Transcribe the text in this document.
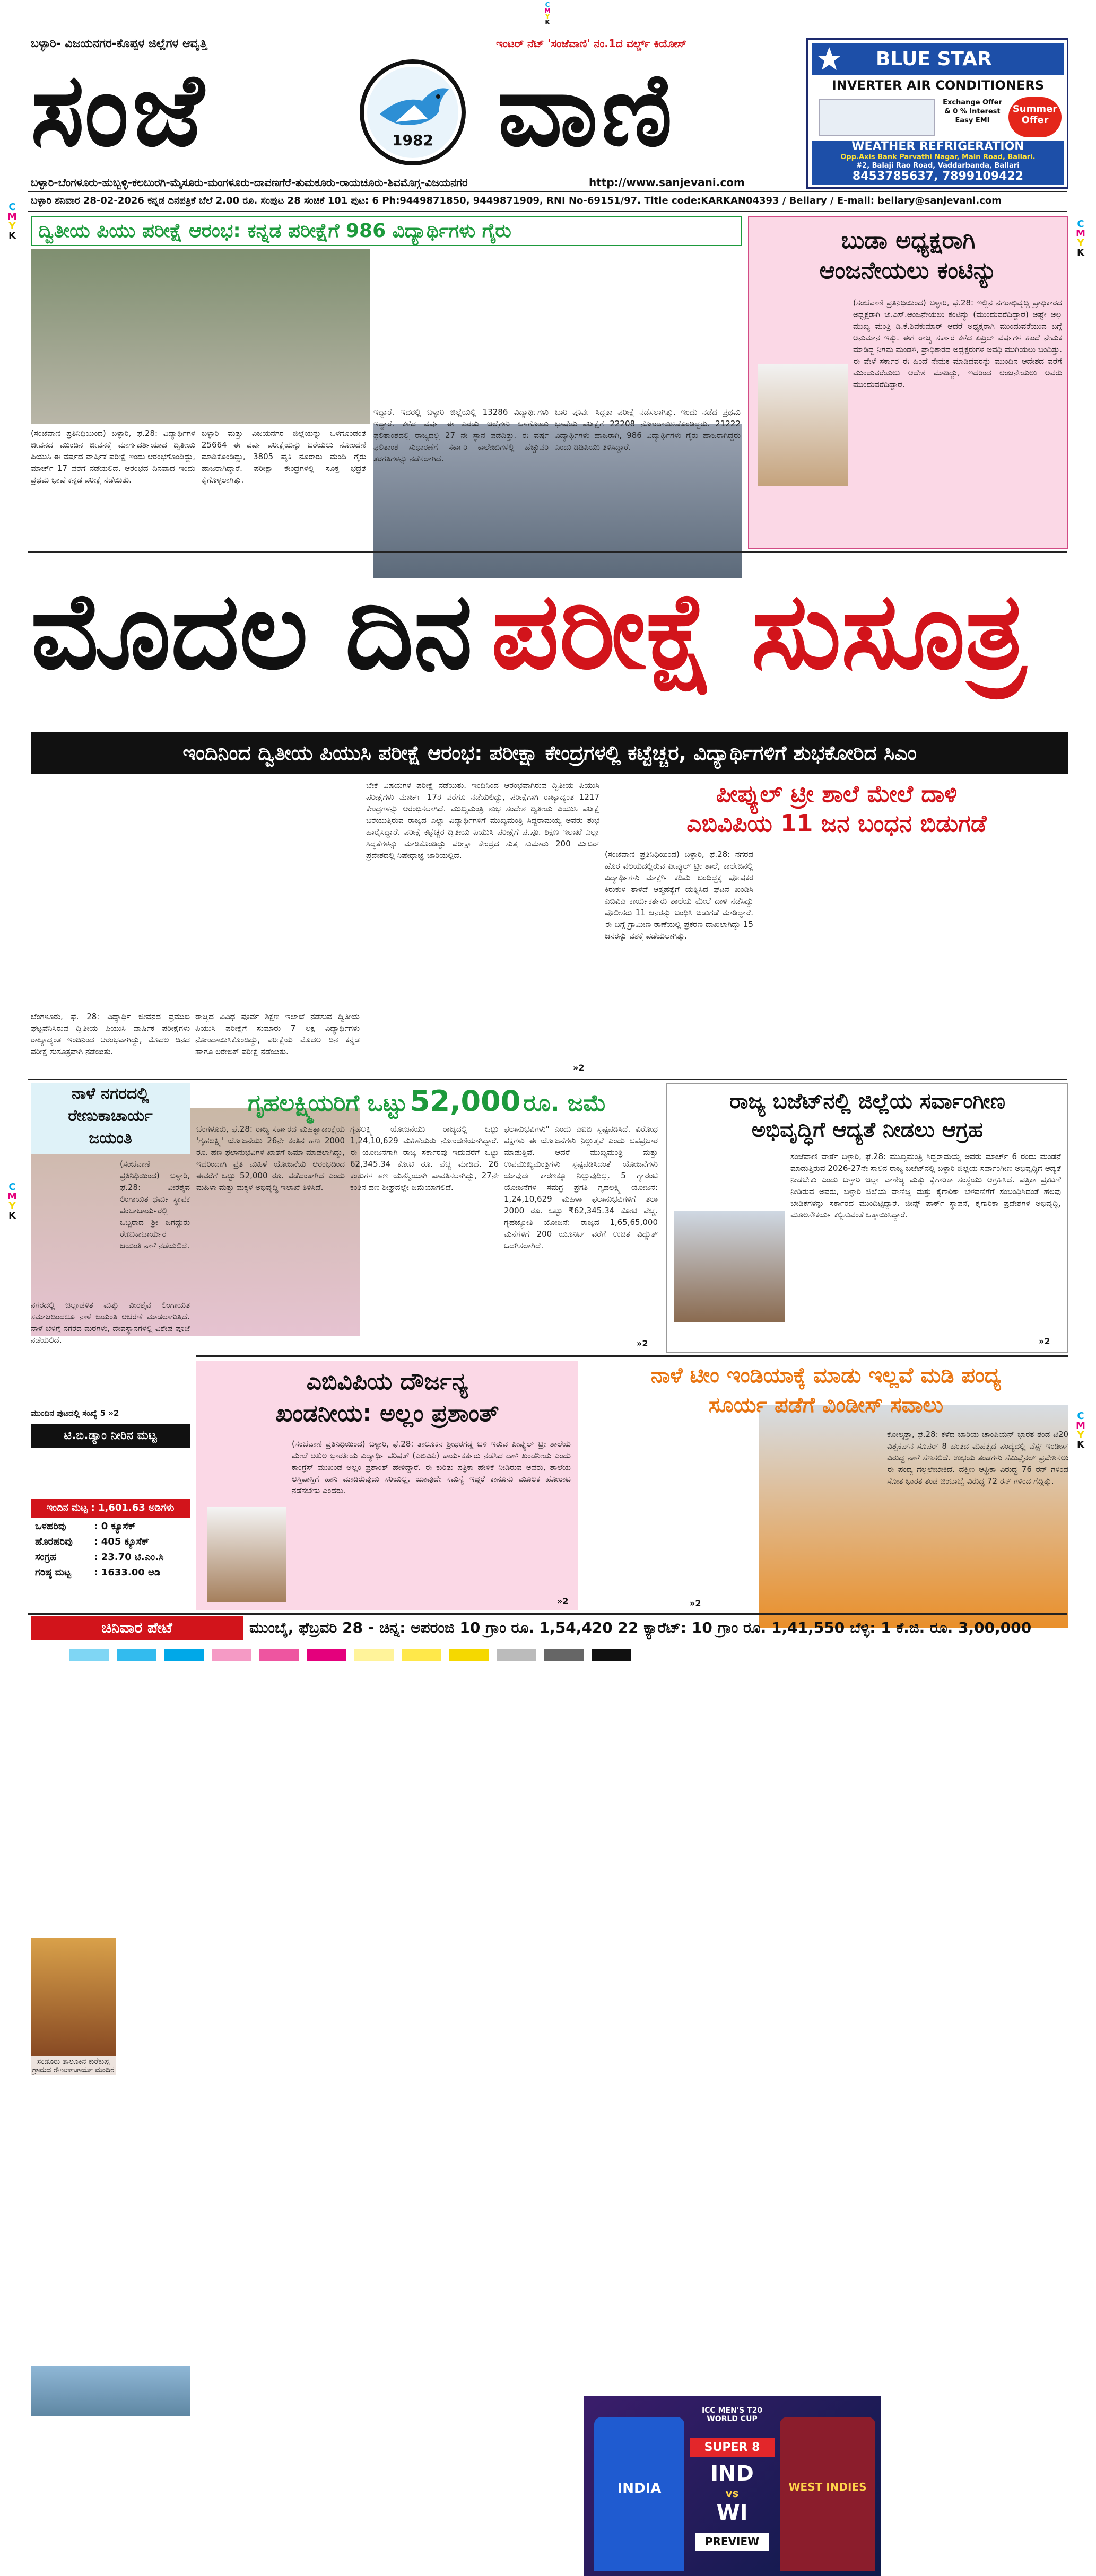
C
M
Y
K
C
M
Y
K
C
M
Y
K
C
M
Y
K
C
M
Y
K
ಬಳ್ಳಾರಿ- ವಿಜಯನಗರ-ಕೊಪ್ಪಳ ಜಿಲ್ಲೆಗಳ ಆವೃತ್ತಿ	ಇಂಟರ್ ನೆಟ್ 'ಸಂಜೆವಾಣಿ' ನಂ.1ದ ವರ್ಲ್ಡ್ ಕಿಯೋಸ್
ಸಂಜೆ	1982 ವಾಣಿ
ಬಳ್ಳಾರಿ-ಬೆಂಗಳೂರು-ಹುಬ್ಬಳ್ಳಿ-ಕಲಬುರಗಿ-ಮೈಸೂರು-ಮಂಗಳೂರು-ದಾವಣಗೆರೆ-ತುಮಕೂರು-ರಾಯಚೂರು-ಶಿವಮೊಗ್ಗ-ವಿಜಯನಗರ	http://www.sanjevani.com
ಬಳ್ಳಾರಿ ಶನಿವಾರ 28-02-2026 ಕನ್ನಡ ದಿನಪತ್ರಿಕೆ ಬೆಲೆ 2.00 ರೂ. ಸಂಪುಟ 28 ಸಂಚಿಕೆ 101 ಪುಟ: 6 Ph:9449871850, 9449871909, RNI No-69151/97. Title code:KARKAN04393 / Bellary / E-mail: bellary@sanjevani.com
BLUE STAR
INVERTER AIR CONDITIONERS
Exchange Offer & 0 % Interest Easy EMI
Summer Offer
WEATHER REFRIGERATION
Opp.Axis Bank Parvathi Nagar, Main Road, Ballari.
#2, Balaji Rao Road, Vaddarbanda, Ballari
8453785637, 7899109422
ದ್ವಿತೀಯ ಪಿಯು ಪರೀಕ್ಷೆ ಆರಂಭ: ಕನ್ನಡ ಪರೀಕ್ಷೆಗೆ 986 ವಿದ್ಯಾರ್ಥಿಗಳು ಗೈರು
(ಸಂಜೆವಾಣಿ ಪ್ರತಿನಿಧಿಯಿಂದ) ಬಳ್ಳಾರಿ, ಫೆ.28: ವಿದ್ಯಾರ್ಥಿಗಳ ಜೀವನದ ಮುಂದಿನ ಜೀವನಕ್ಕೆ ಮಾರ್ಗದರ್ಶಿಯಾದ ದ್ವಿತೀಯ ಪಿಯುಸಿ ಈ ವರ್ಷದ ವಾರ್ಷಿಕ ಪರೀಕ್ಷೆ ಇಂದು ಆರಂಭಗೊಂಡಿದ್ದು, ಮಾರ್ಚ್ 17 ವರೆಗೆ ನಡೆಯಲಿದೆ. ಆರಂಭದ ದಿನವಾದ ಇಂದು ಪ್ರಥಮ ಭಾಷೆ ಕನ್ನಡ ಪರೀಕ್ಷೆ ನಡೆಯಿತು.
ಬಳ್ಳಾರಿ ಮತ್ತು ವಿಜಯನಗರ ಜಿಲ್ಲೆಯನ್ನು ಒಳಗೊಂಡಂತೆ 25664 ಈ ವರ್ಷ ಪರೀಕ್ಷೆಯನ್ನು ಬರೆಯಲು ನೋಂದಣಿ ಮಾಡಿಕೊಂಡಿದ್ದು, 3805 ಪೈಕಿ ನೂರಾರು ಮಂದಿ ಗೈರು ಹಾಜರಾಗಿದ್ದಾರೆ. ಪರೀಕ್ಷಾ ಕೇಂದ್ರಗಳಲ್ಲಿ ಸೂಕ್ತ ಭದ್ರತೆ ಕೈಗೊಳ್ಳಲಾಗಿತ್ತು.
ಇದ್ದಾರೆ. ಇದರಲ್ಲಿ ಬಳ್ಳಾರಿ ಜಿಲ್ಲೆಯಲ್ಲಿ 13286 ವಿದ್ಯಾರ್ಥಿಗಳು ಇದ್ದಾರೆ. ಕಳೆದ ವರ್ಷ ಈ ಎರಡು ಜಿಲ್ಲೆಗಳು ಒಳಗೊಂಡು ಫಲಿತಾಂಶದಲ್ಲಿ ರಾಜ್ಯದಲ್ಲಿ 27 ನೇ ಸ್ಥಾನ ಪಡೆದಿತ್ತು. ಈ ವರ್ಷ ಫಲಿತಾಂಶ ಸುಧಾರಣೆಗೆ ಸರ್ಕಾರಿ ಕಾಲೇಜುಗಳಲ್ಲಿ ಹೆಚ್ಚುವರಿ ತರಗತಿಗಳನ್ನು ನಡೆಸಲಾಗಿದೆ.
ಬಾರಿ ಪೂರ್ವ ಸಿದ್ಧತಾ ಪರೀಕ್ಷೆ ನಡೆಸಲಾಗಿತ್ತು. ಇಂದು ನಡೆದ ಪ್ರಥಮ ಭಾಷೆಯ ಪರೀಕ್ಷೆಗೆ 22208 ನೋಂದಾಯಿಸಿಕೊಂಡಿದ್ದರು. 21222 ವಿದ್ಯಾರ್ಥಿಗಳು ಹಾಜರಾಗಿ, 986 ವಿದ್ಯಾರ್ಥಿಗಳು ಗೈರು ಹಾಜರಾಗಿದ್ದರು ಎಂದು ಡಿಡಿಪಿಯು ತಿಳಿಸಿದ್ದಾರೆ.
ಬುಡಾ ಅಧ್ಯಕ್ಷರಾಗಿ
ಆಂಜನೇಯಲು ಕಂಟಿನ್ಯು
(ಸಂಜೆವಾಣಿ ಪ್ರತಿನಿಧಿಯಿಂದ) ಬಳ್ಳಾರಿ, ಫೆ.28: ಇಲ್ಲಿನ ನಗರಾಭಿವೃದ್ಧಿ ಪ್ರಾಧಿಕಾರದ ಅಧ್ಯಕ್ಷರಾಗಿ ಜೆ.ಎಸ್.ಆಂಜನೇಯಲು ಕಂಟಿನ್ಯು (ಮುಂದುವರೆದಿದ್ದಾರೆ) ಅಷ್ಟೇ ಅಲ್ಲ ಮುಖ್ಯ ಮಂತ್ರಿ ಡಿ.ಕೆ.ಶಿವಕುಮಾರ್ ಆದರೆ ಅಧ್ಯಕ್ಷರಾಗಿ ಮುಂದುವರೆಯುವ ಬಗ್ಗೆ ಅನುಮಾನ ಇತ್ತು. ಈಗ ರಾಜ್ಯ ಸರ್ಕಾರ ಕಳೆದ ಏಪ್ರಿಲ್ ವರ್ಷಗಳ ಹಿಂದೆ ನೇಮಕ ಮಾಡಿದ್ದ ನಿಗಮ ಮಂಡಳಿ, ಪ್ರಾಧಿಕಾರದ ಅಧ್ಯಕ್ಷರುಗಳ ಅವಧಿ ಮುಗಿಯಲು ಬಂದಿತ್ತು. ಈ ವೇಳೆ ಸರ್ಕಾರ ಈ ಹಿಂದೆ ನೇಮಕ ಮಾಡಿದವರನ್ನು ಮುಂದಿನ ಆದೇಶದ ವರೆಗೆ ಮುಂದುವರೆಯಲು ಆದೇಶ ಮಾಡಿದ್ದು, ಇದರಿಂದ ಆಂಜನೇಯಲು ಅವರು ಮುಂದುವರೆದಿದ್ದಾರೆ.
ಮೊದಲ ದಿನ ಪರೀಕ್ಷೆ ಸುಸೂತ್ರ
ಇಂದಿನಿಂದ ದ್ವಿತೀಯ ಪಿಯುಸಿ ಪರೀಕ್ಷೆ ಆರಂಭ: ಪರೀಕ್ಷಾ ಕೇಂದ್ರಗಳಲ್ಲಿ ಕಟ್ಟೆಚ್ಚರ, ವಿದ್ಯಾರ್ಥಿಗಳಿಗೆ ಶುಭಕೋರಿದ ಸಿಎಂ
ಬೆಂಗಳೂರು, ಫೆ. 28: ವಿದ್ಯಾರ್ಥಿ ಜೀವನದ ಪ್ರಮುಖ ಘಟ್ಟವೆನಿಸಿರುವ ದ್ವಿತೀಯ ಪಿಯುಸಿ ವಾರ್ಷಿಕ ಪರೀಕ್ಷೆಗಳು ರಾಜ್ಯಾದ್ಯಂತ ಇಂದಿನಿಂದ ಆರಂಭವಾಗಿದ್ದು, ಮೊದಲ ದಿನದ ಪರೀಕ್ಷೆ ಸುಸೂತ್ರವಾಗಿ ನಡೆಯಿತು.
ರಾಜ್ಯದ ವಿವಿಧ ಪೂರ್ವ ಶಿಕ್ಷಣ ಇಲಾಖೆ ನಡೆಸುವ ದ್ವಿತೀಯ ಪಿಯುಸಿ ಪರೀಕ್ಷೆಗೆ ಸುಮಾರು 7 ಲಕ್ಷ ವಿದ್ಯಾರ್ಥಿಗಳು ನೋಂದಾಯಿಸಿಕೊಂಡಿದ್ದು, ಪರೀಕ್ಷೆಯ ಮೊದಲ ದಿನ ಕನ್ನಡ ಹಾಗೂ ಅರೇಬಿಕ್ ಪರೀಕ್ಷೆ ನಡೆಯಿತು.
ಬೇಕೆ ವಿಷಯಗಳ ಪರೀಕ್ಷೆ ನಡೆಯಿತು. ಇಂದಿನಿಂದ ಆರಂಭವಾಗಿರುವ ದ್ವಿತೀಯ ಪಿಯುಸಿ ಪರೀಕ್ಷೆಗಳು ಮಾರ್ಚ್ 17ರ ವರೆಗೂ ನಡೆಯಲಿದ್ದು, ಪರೀಕ್ಷೆಗಾಗಿ ರಾಜ್ಯಾದ್ಯಂತ 1217 ಕೇಂದ್ರಗಳನ್ನು ಆರಂಭಿಸಲಾಗಿದೆ. ಮುಖ್ಯಮಂತ್ರಿ ಶುಭ ಸಂದೇಶ ದ್ವಿತೀಯ ಪಿಯುಸಿ ಪರೀಕ್ಷೆ ಬರೆಯುತ್ತಿರುವ ರಾಜ್ಯದ ಎಲ್ಲಾ ವಿದ್ಯಾರ್ಥಿಗಳಿಗೆ ಮುಖ್ಯಮಂತ್ರಿ ಸಿದ್ದರಾಮಯ್ಯ ಅವರು ಶುಭ ಹಾರೈಸಿದ್ದಾರೆ. ಪರೀಕ್ಷೆ ಕಟ್ಟೆಚ್ಚರ ದ್ವಿತೀಯ ಪಿಯುಸಿ ಪರೀಕ್ಷೆಗೆ ಪ.ಪೂ. ಶಿಕ್ಷಣ ಇಲಾಖೆ ಎಲ್ಲಾ ಸಿದ್ಧತೆಗಳನ್ನು ಮಾಡಿಕೊಂಡಿದ್ದು ಪರೀಕ್ಷಾ ಕೇಂದ್ರದ ಸುತ್ತ ಸುಮಾರು 200 ಮೀಟರ್ ಪ್ರದೇಶದಲ್ಲಿ ನಿಷೇಧಾಜ್ಞೆ ಜಾರಿಯಲ್ಲಿದೆ.
»2
ಪೀಪ್ಯುಲ್ ಟ್ರೀ ಶಾಲೆ ಮೇಲೆ ದಾಳಿ
ಎಬಿವಿಪಿಯ 11 ಜನ ಬಂಧನ ಬಿಡುಗಡೆ
(ಸಂಜೆವಾಣಿ ಪ್ರತಿನಿಧಿಯಿಂದ) ಬಳ್ಳಾರಿ, ಫೆ.28: ನಗರದ ಹೊರ ವಲಯದಲ್ಲಿರುವ ಪೀಪ್ಯುಲ್ ಟ್ರೀ ಶಾಲೆ, ಕಾಲೇಜಿನಲ್ಲಿ ವಿದ್ಯಾರ್ಥಿಗಳು ಮಾರ್ಕ್ಸ್ ಕಡಿಮೆ ಬಂದಿದ್ದಕ್ಕೆ ಪೋಷಕರ ಕಿರುಕುಳ ತಾಳದೆ ಆತ್ಮಹತ್ಯೆಗೆ ಯತ್ನಿಸಿದ ಘಟನೆ ಖಂಡಿಸಿ ಎಬಿವಿಪಿ ಕಾರ್ಯಕರ್ತರು ಶಾಲೆಯ ಮೇಲೆ ದಾಳಿ ನಡೆಸಿದ್ದು ಪೊಲೀಸರು 11 ಜನರನ್ನು ಬಂಧಿಸಿ ಬಿಡುಗಡೆ ಮಾಡಿದ್ದಾರೆ. ಈ ಬಗ್ಗೆ ಗ್ರಾಮೀಣ ಠಾಣೆಯಲ್ಲಿ ಪ್ರಕರಣ ದಾಖಲಾಗಿದ್ದು 15 ಜನರನ್ನು ವಶಕ್ಕೆ ಪಡೆಯಲಾಗಿತ್ತು.
ನಾಳೆ ನಗರದಲ್ಲಿ
ರೇಣುಕಾಚಾರ್ಯ
ಜಯಂತಿ
ಸಂಡೂರು ತಾಲೂಕಿನ ಕುರೆಕುಪ್ಪ ಗ್ರಾಮದ ರೇಣುಕಾಚಾರ್ಯ ಮಂದಿರ
(ಸಂಜೆವಾಣಿ ಪ್ರತಿನಿಧಿಯಿಂದ) ಬಳ್ಳಾರಿ, ಫೆ.28: ವೀರಶೈವ ಲಿಂಗಾಯತ ಧರ್ಮ ಸ್ಥಾಪಕ ಪಂಚಾಚಾರ್ಯರಲ್ಲಿ ಒಬ್ಬರಾದ ಶ್ರೀ ಜಗದ್ಗುರು ರೇಣುಕಾಚಾರ್ಯರ ಜಯಂತಿ ನಾಳೆ ನಡೆಯಲಿದೆ.
ನಗರದಲ್ಲಿ ಜಿಲ್ಲಾಡಳಿತ ಮತ್ತು ವೀರಶೈವ ಲಿಂಗಾಯತ ಸಮಾಜದಿಂದಲೂ ನಾಳೆ ಜಯಂತಿ ಆಚರಣೆ ಮಾಡಲಾಗುತ್ತಿದೆ. ನಾಳೆ ಬೆಳಿಗ್ಗೆ ನಗರದ ಮಠಗಳು, ದೇವಸ್ಥಾನಗಳಲ್ಲಿ ವಿಶೇಷ ಪೂಜೆ ನಡೆಯಲಿದೆ.
ಮುಂದಿನ ಪುಟದಲ್ಲಿ ಸಂಖ್ಯೆ 5 »2
ಟಿ.ಬಿ.ಡ್ಯಾಂ ನೀರಿನ ಮಟ್ಟ
ಇಂದಿನ ಮಟ್ಟ : 1,601.63 ಅಡಿಗಳು
ಒಳಹರಿವು	: 0 ಕ್ಯೂಸೆಕ್
ಹೊರಹರಿವು	: 405 ಕ್ಯೂಸೆಕ್
ಸಂಗ್ರಹ	: 23.70 ಟಿ.ಎಂ.ಸಿ
ಗರಿಷ್ಠ ಮಟ್ಟ	: 1633.00 ಅಡಿ
ಗೃಹಲಕ್ಷ್ಮಿಯರಿಗೆ ಒಟ್ಟು 52,000 ರೂ. ಜಮೆ
ಬೆಂಗಳೂರು, ಫೆ.28: ರಾಜ್ಯ ಸರ್ಕಾರದ ಮಹತ್ವಾಕಾಂಕ್ಷೆಯ 'ಗೃಹಲಕ್ಷ್ಮಿ' ಯೋಜನೆಯು 26ನೇ ಕಂತಿನ ಹಣ 2000 ರೂ. ಹಣ ಫಲಾನುಭವಿಗಳ ಖಾತೆಗೆ ಜಮಾ ಮಾಡಲಾಗಿದ್ದು, ಇದರಿಂದಾಗಿ ಪ್ರತಿ ಮಹಿಳೆ ಯೋಜನೆಯ ಆರಂಭದಿಂದ ಈವರೆಗೆ ಒಟ್ಟು 52,000 ರೂ. ಪಡೆದಂತಾಗಿದೆ ಎಂದು ಮಹಿಳಾ ಮತ್ತು ಮಕ್ಕಳ ಅಭಿವೃದ್ಧಿ ಇಲಾಖೆ ತಿಳಿಸಿದೆ.
ಗೃಹಲಕ್ಷ್ಮಿ ಯೋಜನೆಯು ರಾಜ್ಯದಲ್ಲಿ ಒಟ್ಟು 1,24,10,629 ಮಹಿಳೆಯರು ನೋಂದಣಿಯಾಗಿದ್ದಾರೆ. ಈ ಯೋಜನೆಗಾಗಿ ರಾಜ್ಯ ಸರ್ಕಾರವು ಇದುವರೆಗೆ ಒಟ್ಟು 62,345.34 ಕೋಟಿ ರೂ. ವೆಚ್ಚ ಮಾಡಿದೆ. 26 ಕಂತುಗಳ ಹಣ ಯಶಸ್ವಿಯಾಗಿ ಪಾವತಿಸಲಾಗಿದ್ದು, 27ನೇ ಕಂತಿನ ಹಣ ಶೀಘ್ರದಲ್ಲೇ ಜಮೆಯಾಗಲಿದೆ.
ಫಲಾನುಭವಿಗಳು" ಎಂದು ಪಿಐಬಿ ಸ್ಪಷ್ಟಪಡಿಸಿದೆ. ವಿರೋಧ ಪಕ್ಷಗಳು ಈ ಯೋಜನೆಗಳು ನಿಲ್ಲುತ್ತವೆ ಎಂದು ಅಪಪ್ರಚಾರ ಮಾಡುತ್ತಿವೆ. ಆದರೆ ಮುಖ್ಯಮಂತ್ರಿ ಮತ್ತು ಉಪಮುಖ್ಯಮಂತ್ರಿಗಳು ಸ್ಪಷ್ಟಪಡಿಸಿದಂತೆ ಯೋಜನೆಗಳು ಯಾವುದೇ ಕಾರಣಕ್ಕೂ ನಿಲ್ಲುವುದಿಲ್ಲ. 5 ಗ್ಯಾರಂಟಿ ಯೋಜನೆಗಳ ಸಮಗ್ರ ಪ್ರಗತಿ ಗೃಹಲಕ್ಷ್ಮಿ ಯೋಜನೆ: 1,24,10,629 ಮಹಿಳಾ ಫಲಾನುಭವಿಗಳಿಗೆ ತಲಾ 2000 ರೂ. ಒಟ್ಟು ₹62,345.34 ಕೋಟಿ ವೆಚ್ಚ. ಗೃಹಜ್ಯೋತಿ ಯೋಜನೆ: ರಾಜ್ಯದ 1,65,65,000 ಮನೆಗಳಿಗೆ 200 ಯೂನಿಟ್ ವರೆಗೆ ಉಚಿತ ವಿದ್ಯುತ್ ಒದಗಿಸಲಾಗಿದೆ.
»2
ರಾಜ್ಯ ಬಜೆಟ್‌ನಲ್ಲಿ ಜಿಲ್ಲೆಯ ಸರ್ವಾಂಗೀಣ
ಅಭಿವೃದ್ಧಿಗೆ ಆದ್ಯತೆ ನೀಡಲು ಆಗ್ರಹ
ಸಂಜೆವಾಣಿ ವಾರ್ತೆ ಬಳ್ಳಾರಿ, ಫೆ.28: ಮುಖ್ಯಮಂತ್ರಿ ಸಿದ್ದರಾಮಯ್ಯ ಅವರು ಮಾರ್ಚ್ 6 ರಂದು ಮಂಡನೆ ಮಾಡುತ್ತಿರುವ 2026-27ನೇ ಸಾಲಿನ ರಾಜ್ಯ ಬಜೆಟ್‌ನಲ್ಲಿ ಬಳ್ಳಾರಿ ಜಿಲ್ಲೆಯ ಸರ್ವಾಂಗೀಣ ಅಭಿವೃದ್ಧಿಗೆ ಆದ್ಯತೆ ನೀಡಬೇಕು ಎಂದು ಬಳ್ಳಾರಿ ಜಿಲ್ಲಾ ವಾಣಿಜ್ಯ ಮತ್ತು ಕೈಗಾರಿಕಾ ಸಂಸ್ಥೆಯು ಆಗ್ರಹಿಸಿದೆ. ಪತ್ರಿಕಾ ಪ್ರಕಟಣೆ ನೀಡಿರುವ ಅವರು, ಬಳ್ಳಾರಿ ಜಿಲ್ಲೆಯ ವಾಣಿಜ್ಯ ಮತ್ತು ಕೈಗಾರಿಕಾ ಬೆಳವಣಿಗೆಗೆ ಸಂಬಂಧಿಸಿದಂತೆ ಹಲವು ಬೇಡಿಕೆಗಳನ್ನು ಸರ್ಕಾರದ ಮುಂದಿಟ್ಟಿದ್ದಾರೆ. ಜೀನ್ಸ್ ಪಾರ್ಕ್ ಸ್ಥಾಪನೆ, ಕೈಗಾರಿಕಾ ಪ್ರದೇಶಗಳ ಅಭಿವೃದ್ಧಿ, ಮೂಲಸೌಕರ್ಯ ಕಲ್ಪಿಸುವಂತೆ ಒತ್ತಾಯಿಸಿದ್ದಾರೆ.
»2
ಎಬಿವಿಪಿಯ ದೌರ್ಜನ್ಯ
ಖಂಡನೀಯ: ಅಲ್ಲಂ ಪ್ರಶಾಂತ್
(ಸಂಜೆವಾಣಿ ಪ್ರತಿನಿಧಿಯಿಂದ) ಬಳ್ಳಾರಿ, ಫೆ.28: ತಾಲೂಕಿನ ಶ್ರೀಧರಗಡ್ಡ ಬಳಿ ಇರುವ ಪೀಪ್ಯುಲ್ ಟ್ರೀ ಶಾಲೆಯ ಮೇಲೆ ಅಖಿಲ ಭಾರತೀಯ ವಿದ್ಯಾರ್ಥಿ ಪರಿಷತ್ (ಎಬಿವಿಪಿ) ಕಾರ್ಯಕರ್ತರು ನಡೆಸಿದ ದಾಳಿ ಖಂಡನೀಯ ಎಂದು ಕಾಂಗ್ರೆಸ್ ಮುಖಂಡ ಅಲ್ಲಂ ಪ್ರಶಾಂತ್ ಹೇಳಿದ್ದಾರೆ. ಈ ಕುರಿತು ಪತ್ರಿಕಾ ಹೇಳಿಕೆ ನೀಡಿರುವ ಅವರು, ಶಾಲೆಯ ಆಸ್ತಿಪಾಸ್ತಿಗೆ ಹಾನಿ ಮಾಡಿರುವುದು ಸರಿಯಲ್ಲ. ಯಾವುದೇ ಸಮಸ್ಯೆ ಇದ್ದರೆ ಕಾನೂನು ಮೂಲಕ ಹೋರಾಟ ನಡೆಸಬೇಕು ಎಂದರು.
»2
ನಾಳೆ ಟೀಂ ಇಂಡಿಯಾಕ್ಕೆ ಮಾಡು ಇಲ್ಲವೆ ಮಡಿ ಪಂದ್ಯ
ಸೂರ್ಯ ಪಡೆಗೆ ವಿಂಡೀಸ್ ಸವಾಲು
INDIA	WEST INDIES
ICC MEN'S T20 WORLD CUP
SUPER 8
IND
vs
WI
PREVIEW
ಕೋಲ್ಕತ್ತಾ, ಫೆ.28: ಕಳೆದ ಬಾರಿಯ ಚಾಂಪಿಯನ್ ಭಾರತ ತಂಡ ಟಿ20 ವಿಶ್ವಕಪ್‌ನ ಸೂಪರ್ 8 ಹಂತದ ಮಹತ್ವದ ಪಂದ್ಯದಲ್ಲಿ ವೆಸ್ಟ್ ಇಂಡೀಸ್ ವಿರುದ್ಧ ನಾಳೆ ಸೆಣಸಲಿದೆ. ಉಭಯ ತಂಡಗಳು ಸೆಮಿಫೈನಲ್ ಪ್ರವೇಶಿಸಲು ಈ ಪಂದ್ಯ ಗೆಲ್ಲಲೇಬೇಕಿದೆ. ದಕ್ಷಿಣ ಆಫ್ರಿಕಾ ವಿರುದ್ಧ 76 ರನ್ ಗಳಿಂದ ಸೋತ ಭಾರತ ತಂಡ ಜಿಂಬಾಬ್ವೆ ವಿರುದ್ಧ 72 ರನ್ ಗಳಿಂದ ಗೆದ್ದಿತ್ತು.
»2
ಚಿನಿವಾರ ಪೇಟೆ	ಮುಂಬೈ, ಫೆಬ್ರವರಿ 28 - ಚಿನ್ನ: ಅಪರಂಜಿ 10 ಗ್ರಾಂ ರೂ. 1,54,420 22 ಕ್ಯಾರೆಟ್: 10 ಗ್ರಾಂ ರೂ. 1,41,550 ಬೆಳ್ಳಿ: 1 ಕೆ.ಜಿ. ರೂ. 3,00,000
